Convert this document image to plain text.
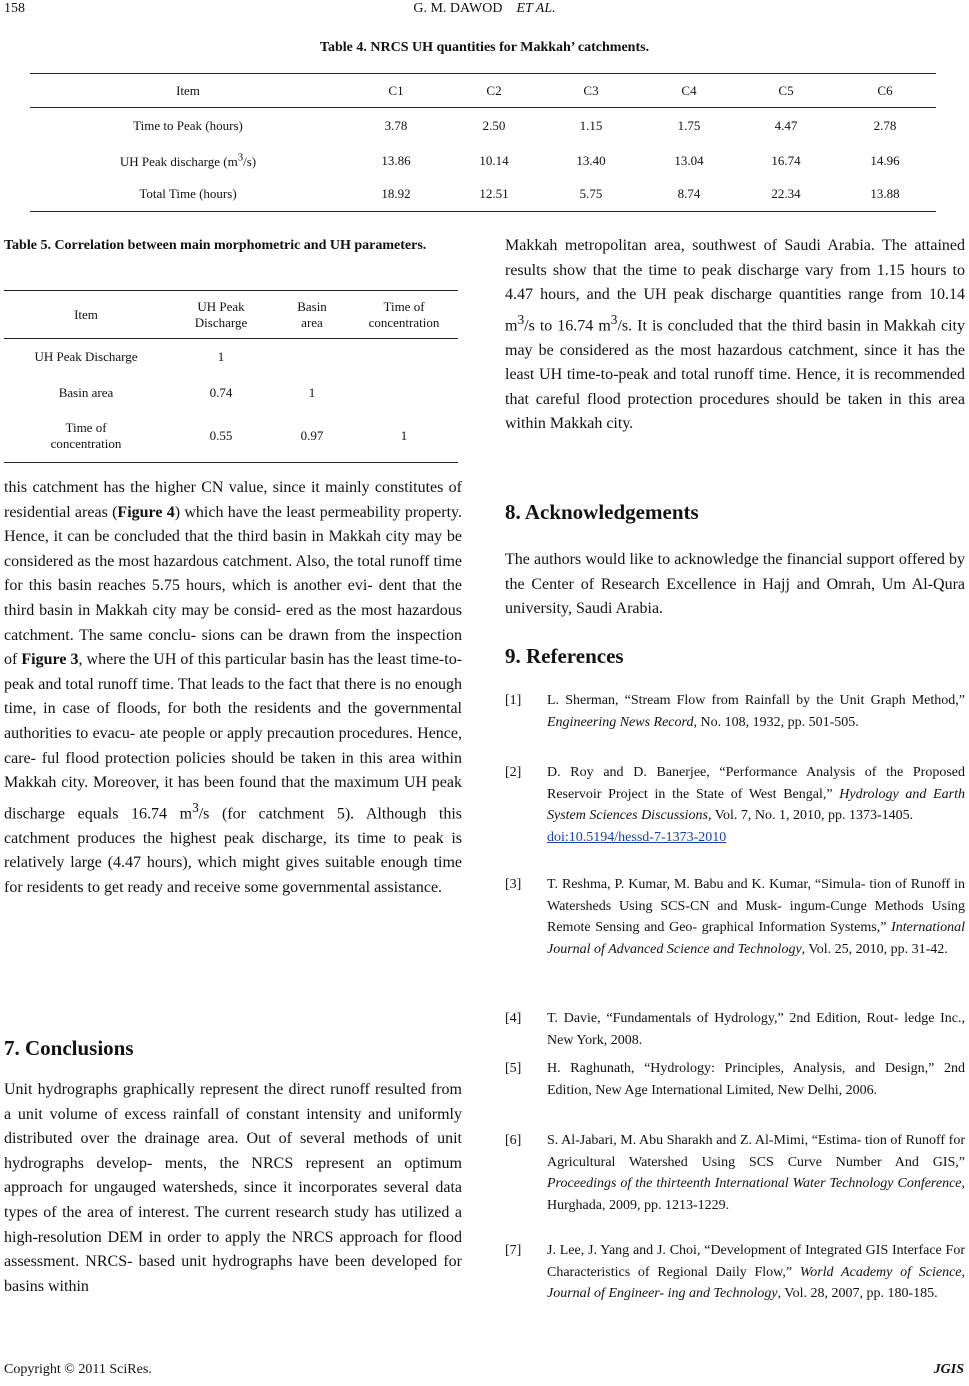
158	G. M. DAWOD ET AL.
Table 4. NRCS UH quantities for Makkah’ catchments.
Item	C1	C2	C3	C4	C5	C6
Time to Peak (hours)	3.78	2.50	1.15	1.75	4.47	2.78
UH Peak discharge $(m^3/s)$	13.86	10.14	13.40	13.04	16.74	14.96
Total Time (hours)	18.92	12.51	5.75	8.74	22.34	13.88
Table 5. Correlation between main morphometric and UH parameters.
Item	UH Peak Discharge	Basin area	Time of concentration
UH Peak Discharge	1		
Basin area	0.74	1	
Time of concentration	0.55	0.97	1

this catchment has the higher CN value, since it mainly constitutes of residential areas (Figure 4) which have the least permeability property. Hence, it can be concluded that the third basin in Makkah city may be considered as the most hazardous catchment. Also, the total runoff time for this basin reaches 5.75 hours, which is another evi- dent that the third basin in Makkah city may be consid- ered as the most hazardous catchment. The same conclu- sions can be drawn from the inspection of Figure 3, where the UH of this particular basin has the least time-to-peak and total runoff time. That leads to the fact that there is no enough time, in case of floods, for both the residents and the governmental authorities to evacu- ate people or apply precaution procedures. Hence, care- ful flood protection policies should be taken in this area within Makkah city. Moreover, it has been found that the maximum UH peak discharge equals 16.74 $m^3/s$ (for catchment 5). Although this catchment produces the highest peak discharge, its time to peak is relatively large (4.47 hours), which might gives suitable enough time for residents to get ready and receive some governmental assistance.

7. Conclusions
Unit hydrographs graphically represent the direct runoff resulted from a unit volume of excess rainfall of constant intensity and uniformly distributed over the drainage area. Out of several methods of unit hydrographs develop- ments, the NRCS represent an optimum approach for ungauged watersheds, since it incorporates several data types of the area of interest. The current research study has utilized a high-resolution DEM in order to apply the NRCS approach for flood assessment. NRCS- based unit hydrographs have been developed for basins within

Makkah metropolitan area, southwest of Saudi Arabia. The attained results show that the time to peak discharge vary from 1.15 hours to 4.47 hours, and the UH peak discharge quantities range from 10.14 $m^3/s$ to 16.74 $m^3/s$. It is concluded that the third basin in Makkah city may be considered as the most hazardous catchment, since it has the least UH time-to-peak and total runoff time. Hence, it is recommended that careful flood protection procedures should be taken in this area within Makkah city.

8. Acknowledgements
The authors would like to acknowledge the financial support offered by the Center of Research Excellence in Hajj and Omrah, Um Al-Qura university, Saudi Arabia.
9. References
[1] L. Sherman, “Stream Flow from Rainfall by the Unit Graph Method,” Engineering News Record, No. 108, 1932, pp. 501-505.
[2] D. Roy and D. Banerjee, “Performance Analysis of the Proposed Reservoir Project in the State of West Bengal,” Hydrology and Earth System Sciences Discussions, Vol. 7, No. 1, 2010, pp. 1373-1405.
doi:10.5194/hessd-7-1373-2010
[3] T. Reshma, P. Kumar, M. Babu and K. Kumar, “Simula- tion of Runoff in Watersheds Using SCS-CN and Musk- ingum-Cunge Methods Using Remote Sensing and Geo- graphical Information Systems,” International Journal of Advanced Science and Technology, Vol. 25, 2010, pp. 31-42.
[4] T. Davie, “Fundamentals of Hydrology,” 2nd Edition, Rout- ledge Inc., New York, 2008.
[5] H. Raghunath, “Hydrology: Principles, Analysis, and Design,” 2nd Edition, New Age International Limited, New Delhi, 2006.
[6] S. Al-Jabari, M. Abu Sharakh and Z. Al-Mimi, “Estima- tion of Runoff for Agricultural Watershed Using SCS Curve Number And GIS,” Proceedings of the thirteenth International Water Technology Conference, Hurghada, 2009, pp. 1213-1229.
[7] J. Lee, J. Yang and J. Choi, “Development of Integrated GIS Interface For Characteristics of Regional Daily Flow,” World Academy of Science, Journal of Engineer- ing and Technology, Vol. 28, 2007, pp. 180-185.
Copyright © 2011 SciRes.	JGIS
